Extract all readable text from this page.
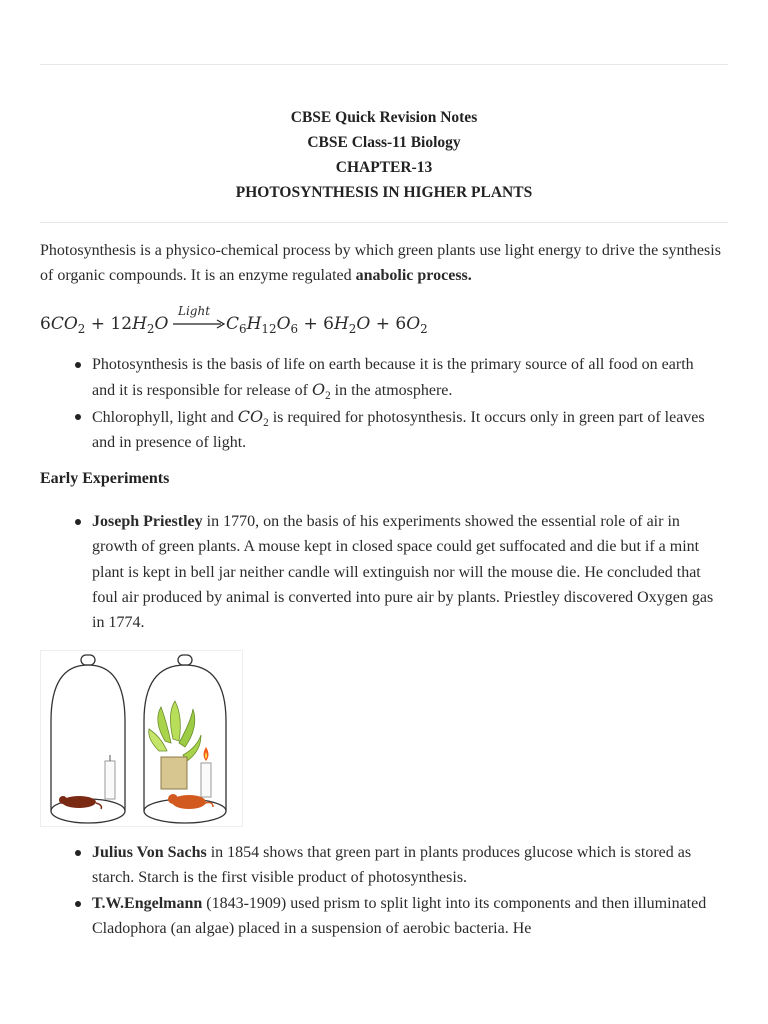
CBSE Quick Revision Notes
CBSE Class-11 Biology
CHAPTER-13
PHOTOSYNTHESIS IN HIGHER PLANTS

Photosynthesis is a physico-chemical process by which green plants use light energy to drive the synthesis of organic compounds. It is an enzyme regulated anabolic process.

$6CO_2 + 12H_2O$
Light
→ $C_6H_{12}O_6 + 6H_2O + 6O_2$
Photosynthesis is the basis of life on earth because it is the primary source of all food on earth and it is responsible for release of $O_2$ in the atmosphere.
Chlorophyll, light and $CO_2$ is required for photosynthesis. It occurs only in green part of leaves and in presence of light.
Early Experiments
Joseph Priestley in 1770, on the basis of his experiments showed the essential role of air in growth of green plants. A mouse kept in closed space could get suffocated and die but if a mint plant is kept in bell jar neither candle will extinguish nor will the mouse die. He concluded that foul air produced by animal is converted into pure air by plants. Priestley discovered Oxygen gas in 1774.
Julius Von Sachs in 1854 shows that green part in plants produces glucose which is stored as starch. Starch is the first visible product of photosynthesis.
T.W.Engelmann (1843-1909) used prism to split light into its components and then illuminated Cladophora (an algae) placed in a suspension of aerobic bacteria. He
